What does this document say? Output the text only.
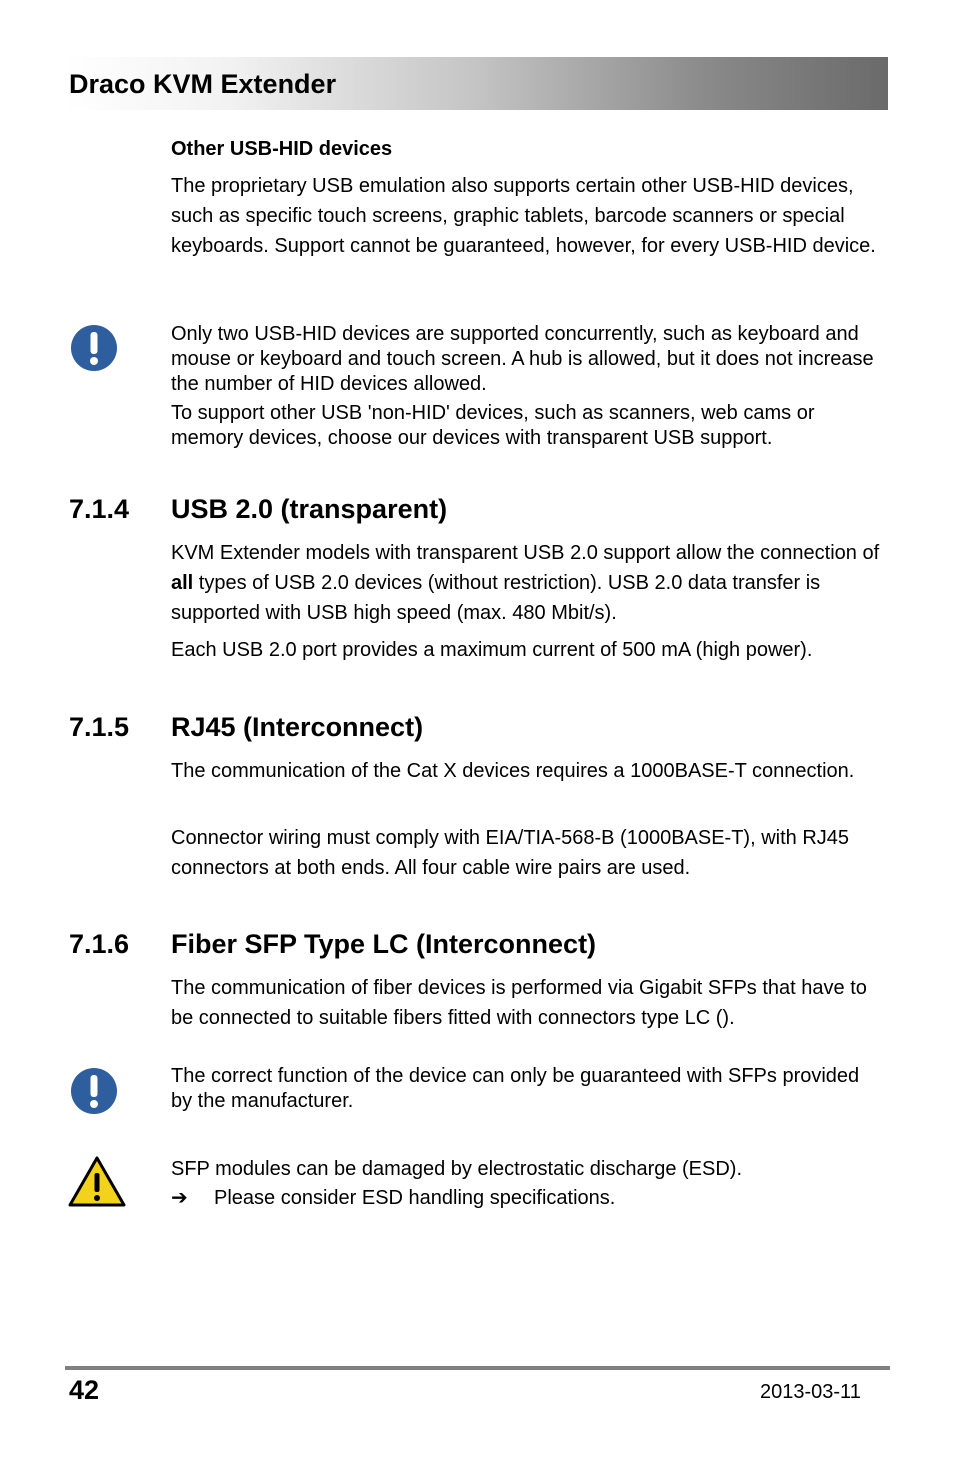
Draco KVM Extender
Other USB-HID devices

The proprietary USB emulation also supports certain other USB-HID devices, such as specific touch screens, graphic tablets, barcode scanners or special keyboards. Support cannot be guaranteed, however, for every USB-HID device.

Only two USB-HID devices are supported concurrently, such as keyboard and mouse or keyboard and touch screen. A hub is allowed, but it does not increase the number of HID devices allowed.

To support other USB 'non-HID' devices, such as scanners, web cams or memory devices, choose our devices with transparent USB support.

7.1.4 USB 2.0 (transparent)

KVM Extender models with transparent USB 2.0 support allow the connection of all types of USB 2.0 devices (without restriction). USB 2.0 data transfer is supported with USB high speed (max. 480 Mbit/s).

Each USB 2.0 port provides a maximum current of 500 mA (high power).

7.1.5 RJ45 (Interconnect)

The communication of the Cat X devices requires a 1000BASE-T connection.

Connector wiring must comply with EIA/TIA-568-B (1000BASE-T), with RJ45 connectors at both ends. All four cable wire pairs are used.

7.1.6 Fiber SFP Type LC (Interconnect)

The communication of fiber devices is performed via Gigabit SFPs that have to be connected to suitable fibers fitted with connectors type LC ().

The correct function of the device can only be guaranteed with SFPs provided by the manufacturer.

SFP modules can be damaged by electrostatic discharge (ESD).

➔ Please consider ESD handling specifications.
42	2013-03-11
